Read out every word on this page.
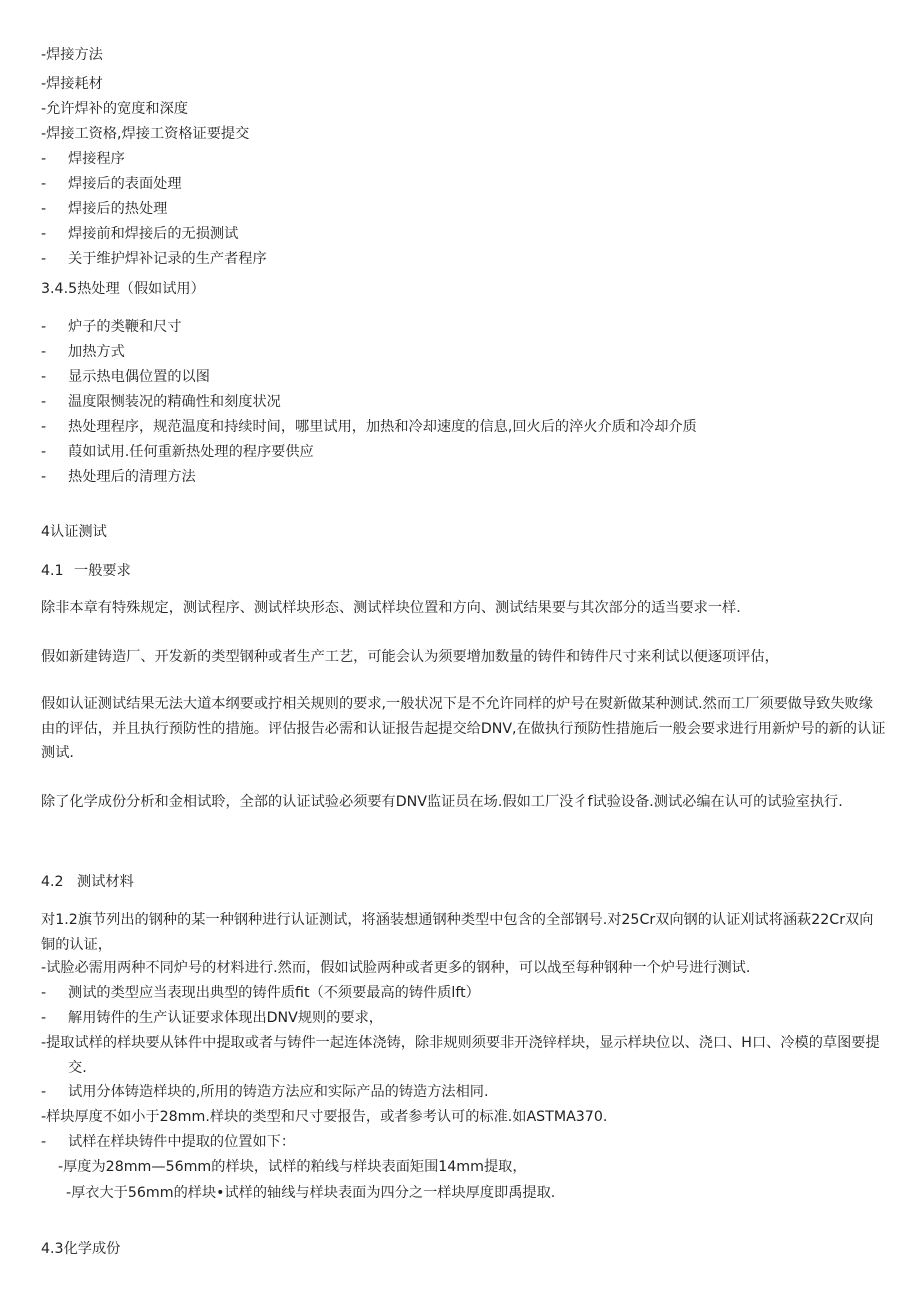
-焊接方法
-焊接耗材
-允许焊补的宽度和深度
-焊接工资格,焊接工资格证要提交
- 焊接程序
- 焊接后的表面处理
- 焊接后的热处理
- 焊接前和焊接后的无损测试
- 关于维护焊补记录的生产者程序
3.4.5热处理（假如试用）
- 炉子的类鞭和尺寸
- 加热方式
- 显示热电偶位置的以图
- 温度限恻装况的精确性和刻度状况
- 热处理程序，规范温度和持续时间，哪里试用，加热和冷却速度的信息,回火后的淬火介质和冷却介质
- 葭如试用.任何重新热处理的程序要供应
- 热处理后的清理方法
4认证测试
4.1 一般要求
除非本章有特殊规定，测试程序、测试样块形态、测试样块位置和方向、测试结果要与其次部分的适当要求一样.
假如新建铸造厂、开发新的类型钢种或者生产工艺，可能会认为须要增加数量的铸件和铸件尺寸来利试以便逐项评估，
假如认证测试结果无法大道本纲要或拧相关规则的要求,一般状况下是不允许同样的炉号在熨新做某种测试.然而工厂须要做导致失败缘由的评估，并且执行预防性的措施。评估报告必需和认证报告起提交给DNV,在做执行预防性措施后一般会要求进行用新炉号的新的认证测试.
除了化学成份分析和金相试聆，全部的认证试验必须要有DNV监证员在场.假如工厂没彳f试验设备.测试必编在认可的试验室执行.
4.2 测试材料
对1.2旗节列出的钢种的某一种钢种进行认证测试，将涵装想通钢种类型中包含的全部钢号.对25Cr双向钢的认证刈试将涵萩22Cr双向铜的认证，
-试脸必需用两种不同炉号的材料进行.然而，假如试脸两种或者更多的钢种，可以战至每种钢种一个炉号进行测试.
- 测试的类型应当表现出典型的铸件质fit（不须要最高的铸件质lft）
- 解用铸件的生产认证要求体现出DNV规则的要求，
-提取试样的样块要从钵件中提取或者与铸件一起连体浇铸，除非规则须要非开浇锌样块，显示样块位以、浇口、H口、冷模的草图要提交.
- 试用分体铸造样块的,所用的铸造方法应和实际产品的铸造方法相同.
-样块厚度不如小于28mm.样块的类型和尺寸要报告，或者参考认可的标准.如ASTMA370.
- 试样在样块铸件中提取的位置如下：
-厚度为28mm—56mm的样块，试样的粕线与样块表面矩围14mm提取，
-厚衣大于56mm的样块•试样的轴线与样块表面为四分之一样块厚度即禹提取.
4.3化学成份
